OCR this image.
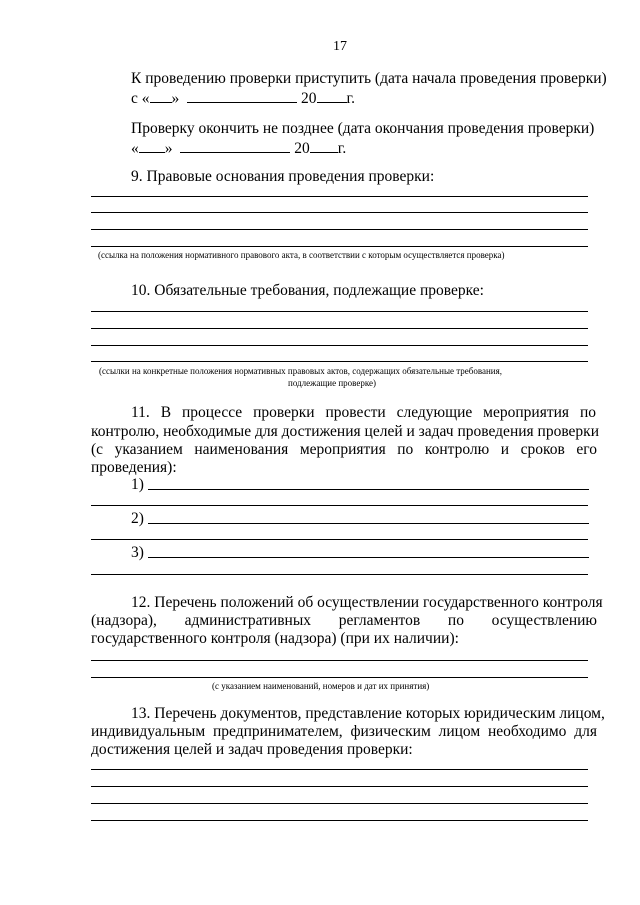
17
К проведению проверки приступить (дата начала проведения проверки)
с « »	20 г.
Проверку окончить не позднее (дата окончания проведения проверки)
« »	20 г.
9. Правовые основания проведения проверки:
(ссылка на положения нормативного правового акта, в соответствии с которым осуществляется проверка)
10. Обязательные требования, подлежащие проверке:
(ссылки на конкретные положения нормативных правовых актов, содержащих обязательные требования,
подлежащие проверке)
11. В процессе проверки провести следующие мероприятия по
контролю, необходимые для достижения целей и задач проведения проверки
(с указанием наименования мероприятия по контролю и сроков его
проведения):
1)
2)
3)
12. Перечень положений об осуществлении государственного контроля
(надзора), административных регламентов по осуществлению
государственного контроля (надзора) (при их наличии):
(с указанием наименований, номеров и дат их принятия)
13. Перечень документов, представление которых юридическим лицом,
индивидуальным предпринимателем, физическим лицом необходимо для
достижения целей и задач проведения проверки:
